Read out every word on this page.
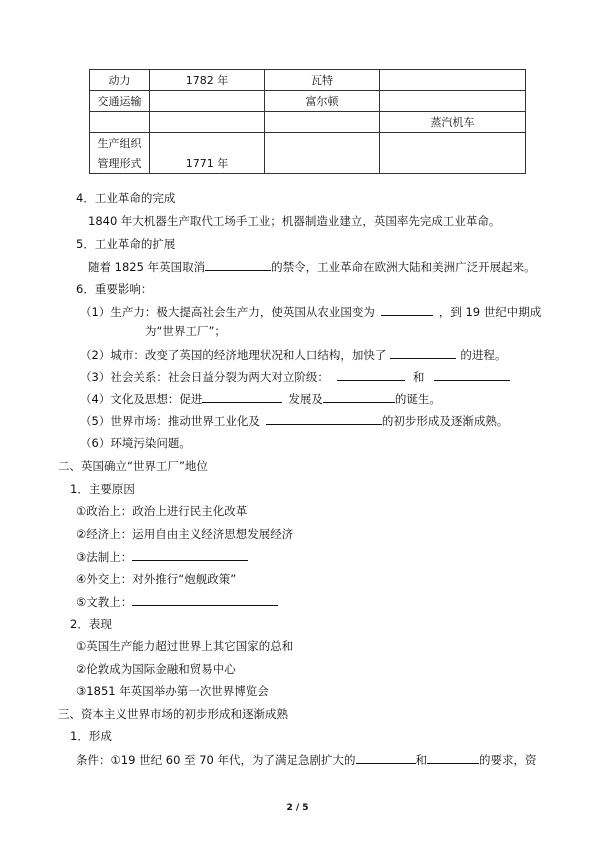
动力	1782 年	瓦特	
交通运输		富尔顿	
			蒸汽机车
生产组织			
管理形式	1771 年		
4．工业革命的完成
1840 年大机器生产取代工场手工业；机器制造业建立，英国率先完成工业革命。
5．工业革命的扩展
随着 1825 年英国取消	的禁令，工业革命在欧洲大陆和美洲广泛开展起来。
6．重要影响：
（1）生产力：极大提高社会生产力，使英国从农业国变为	，到 19 世纪中期成
为“世界工厂”；
（2）城市：改变了英国的经济地理状况和人口结构，加快了	的进程。
（3）社会关系：社会日益分裂为两大对立阶级：	和
（4）文化及思想：促进	发展及	的诞生。
（5）世界市场：推动世界工业化及	的初步形成及逐渐成熟。
（6）环境污染问题。
二、英国确立“世界工厂”地位
1．主要原因
①政治上：政治上进行民主化改革
②经济上：运用自由主义经济思想发展经济
③法制上：
④外交上：对外推行“炮舰政策”
⑤文教上：
2．表现
①英国生产能力超过世界上其它国家的总和
②伦敦成为国际金融和贸易中心
③1851 年英国举办第一次世界博览会
三、资本主义世界市场的初步形成和逐渐成熟
1．形成
条件：①19 世纪 60 至 70 年代，为了满足急剧扩大的	和	的要求，资
2 / 5
